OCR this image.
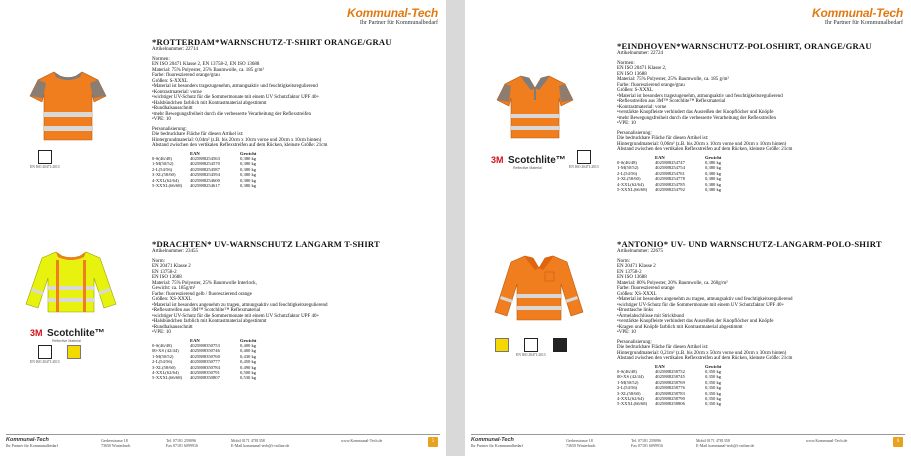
Kommunal-Tech
Ihr Partner für Kommunalbedarf
EN ISO 20471:2013
*ROTTERDAM*WARNSCHUTZ-T-SHIRT ORANGE/GRAU
Artikelnummer: 22714
Normen:
EN ISO 20471 Klasse 2, EN 13758-2, EN ISO 13688
Material: 75% Polyester, 25% Baumwolle, ca. 185 g/m²
Farbe: fluoreszierend orange/grau
Größen: S-XXXL
• Material ist besonders tragezugenehm, atmungsaktiv und feuchtigkeitsregulierend
• Kontrastrnaterial: vorne
• wichtiger UV-Schutz für die Sommermonate mit einem UV Schutzfaktor UPF 40+
• Halsbündchen farblich mit Kontrastmaterial abgestimmt
• Rundhalsausschnitt
• mehr Bewegungsfreiheit durch die verbesserte Verarbeitung der Reflexstreifen
• VPE: 10
Personalisierung:
Die bedruckbare Fläche für diesen Artikel ist:
Hintergrundmaterial: 0,04m² (z.B. bis 20cm x 10cm vorne und 20cm x 10cm hinten)
Abstand zwischen den vertikalen Reflexstreifen auf dem Rücken, kleinste Größe: 21cm
	EAN	Gewicht
0-S(46/48)	4025888254563	0,380 kg
1-M(50/52)	4025888254570	0,380 kg
2-L(54/56)	4025888254587	0,380 kg
3-XL(58/60)	4025888254594	0,380 kg
4-XXL(62/64)	4025888254600	0,380 kg
5-XXXL(66/68)	4025888254617	0,380 kg
3M Scotchlite™
Reflective Material
EN ISO 20471:2013
*DRACHTEN* UV-WARNSCHUTZ LANGARM T-SHIRT
Artikelnummer: 23455
Norm:
EN 20471 Klasse 2
EN 13758-2
EN ISO 13688
Material: 75% Polyester, 25% Baumwolle Interlock,
Gewicht: ca. 185g/m²
Farbe: fluoreszierend gelb / fluoreszierend orange
Größen: XS-XXXL
• Material ist besonders angenehm zu tragen, atmungsaktiv und feuchtigkeitsregulierend
• Reflexstreifen aus 3M™ Scotchlite™ Reflexmaterial
• wichtiger UV-Schutz für die Sommermonate mit einem UV Schutzfaktor UPF 40+
• Halsbündchen farblich mit Kontrastmaterial abgestimmt
• Rundhalsausschnitt
• VPE: 10
	EAN	Gewicht
0-S(46/48)	4025888350753	0,400 kg
00-XS (42/44)	4025888350746	0,400 kg
1-M(50/52)	4025888350760	0,430 kg
2-L(54/56)	4025888350777	0,450 kg
3-XL(58/60)	4025888350784	0,490 kg
4-XXL(62/64)	4025888350791	0,500 kg
5-XXXL(66/68)	4025888350807	0,530 kg
Kommunal-Tech
Ihr Partner für Kommunalbedarf
Gerberstrasse 18
73650 Winterbach
Tel. 07181 259096
Fax 07181 6099916
Mobil 0171 4781358
E-Mail kommunal-tech@t-online.de
www.Kommunal-Tech.de	5
Kommunal-Tech
Ihr Partner für Kommunalbedarf
3M Scotchlite™
Reflective Material	EN ISO 20471:2013
*EINDHOVEN*WARNSCHUTZ-POLOSHIRT, ORANGE/GRAU
Artikelnummer: 22724
Normen:
EN ISO 20471 Klasse 2,
EN ISO 13688
Material: 75% Polyester, 25% Baumwolle, ca. 185 g/m²
Farbe: fluoreszierend orange/grau
Größen: S-XXXL
• Material ist besonders tragezugenehm, atmungsaktiv und feuchtigkeitsregulierend
• Reflexstreifen aus 3M™ Scotchlite™ Reflexmaterial
• Kontrastmaterial: vorne
• verstärkte Knopfleiste verhindert das Ausreißen der Knopflöcher und Knöpfe
• mehr Bewegungsfreiheit durch die verbesserte Verarbeitung der Reflexstreifen
• VPE: 10
Personalisierung:
Die bedruckbare Fläche für diesen Artikel ist:
Hintergrundmaterial: 0,06m² (z.B. bis 20cm x 10cm vorne und 20cm x 10cm hinten)
Abstand zwischen den vertikalen Reflexstreifen auf dem Rücken, kleinste Größe: 21cm
	EAN	Gewicht
0-S(46/48)	4025888254747	0,380 kg
1-M(50/52)	4025888254754	0,380 kg
2-L(54/56)	4025888254761	0,380 kg
3-XL(58/60)	4025888254778	0,380 kg
4-XXL(62/64)	4025888254785	0,380 kg
5-XXXL(66/68)	4025888254792	0,380 kg

EN ISO 20471:2013
*ANTONIO* UV- UND WARNSCHUTZ-LANGARM-POLO-SHIRT
Artikelnummer: 22675
Norm:
EN 20471 Klasse 2
EN 13758-2
EN ISO 13688
Material: 80% Polyester, 20% Baumwolle, ca. 260g/m²
Farbe: fluoreszierend orange
Größen: XS-XXXL
• Material ist besonders angenehm zu tragen, atmungsaktiv und feuchtigkeitsregulierend
• wichtiger UV-Schutz für die Sommermonate mit einem UV Schutzfaktor UPF 40+
• Brusttasche links
• Ärmelabschlüsse mit Strickbund
• verstärkte Knopfleiste verhindert das Ausreißen der Knopflöcher und Knöpfe
• Kragen und Knöpfe farblich mit Kontrastmaterial abgestimmt
• VPE: 10
Personalisierung:
Die bedruckbare Fläche für diesen Artikel ist:
Hintergrundmaterial: 0,21m² (z.B. bis 20cm x 50cm vorne und 20cm x 30cm hinten)
Abstand zwischen den vertikalen Reflexstreifen auf dem Rücken, kleinste Größe: 21cm
	EAN	Gewicht
0-S(46/48)	4025888258752	0,350 kg
00-XS (42/44)	4025888258745	0,350 kg
1-M(50/52)	4025888258769	0,350 kg
2-L(54/56)	4025888258776	0,350 kg
3-XL(58/60)	4025888258783	0,350 kg
4-XXL(62/64)	4025888258790	0,350 kg
5-XXXL(66/68)	4025888258806	0,350 kg
Kommunal-Tech
Ihr Partner für Kommunalbedarf
Gerberstrasse 18
73650 Winterbach
Tel. 07181 259096
Fax 07181 6099916
Mobil 0171 4781358
E-Mail kommunal-tech@t-online.de
www.Kommunal-Tech.de	6
